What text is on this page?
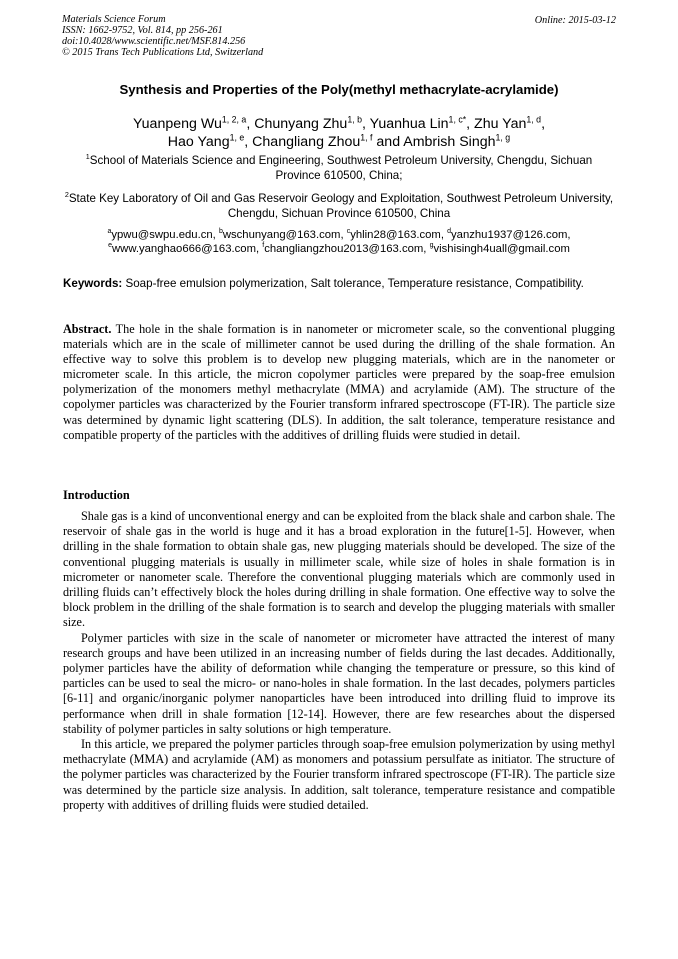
Materials Science Forum
ISSN: 1662-9752, Vol. 814, pp 256-261
doi:10.4028/www.scientific.net/MSF.814.256
© 2015 Trans Tech Publications Ltd, Switzerland
Online: 2015-03-12
Synthesis and Properties of the Poly(methyl methacrylate-acrylamide)
Yuanpeng Wu$^{1, 2, a}$, Chunyang Zhu$^{1, b}$, Yuanhua Lin$^{1, c*}$, Zhu Yan$^{1, d}$,
Hao Yang$^{1, e}$, Changliang Zhou$^{1, f}$ and Ambrish Singh$^{1, g}$
$^1$School of Materials Science and Engineering, Southwest Petroleum University, Chengdu, Sichuan Province 610500, China;
$^2$State Key Laboratory of Oil and Gas Reservoir Geology and Exploitation, Southwest Petroleum University, Chengdu, Sichuan Province 610500, China
$^a$ypwu@swpu.edu.cn, $^b$wschunyang@163.com, $^c$yhlin28@163.com, $^d$yanzhu1937@126.com,
$^e$www.yanghao666@163.com, $^f$changliangzhou2013@163.com, $^g$vishisingh4uall@gmail.com
Keywords: Soap-free emulsion polymerization, Salt tolerance, Temperature resistance, Compatibility.
Abstract. The hole in the shale formation is in nanometer or micrometer scale, so the conventional plugging materials which are in the scale of millimeter cannot be used during the drilling of the shale formation. An effective way to solve this problem is to develop new plugging materials, which are in the nanometer or micrometer scale. In this article, the micron copolymer particles were prepared by the soap-free emulsion polymerization of the monomers methyl methacrylate (MMA) and acrylamide (AM). The structure of the copolymer particles was characterized by the Fourier transform infrared spectroscope (FT-IR). The particle size was determined by dynamic light scattering (DLS). In addition, the salt tolerance, temperature resistance and compatible property of the particles with the additives of drilling fluids were studied in detail.
Introduction

Shale gas is a kind of unconventional energy and can be exploited from the black shale and carbon shale. The reservoir of shale gas in the world is huge and it has a broad exploration in the future[1-5]. However, when drilling in the shale formation to obtain shale gas, new plugging materials should be developed. The size of the conventional plugging materials is usually in millimeter scale, while size of holes in shale formation is in micrometer or nanometer scale. Therefore the conventional plugging materials which are commonly used in drilling fluids can’t effectively block the holes during drilling in shale formation. One effective way to solve the block problem in the drilling of the shale formation is to search and develop the plugging materials with smaller size.

Polymer particles with size in the scale of nanometer or micrometer have attracted the interest of many research groups and have been utilized in an increasing number of fields during the last decades. Additionally, polymer particles have the ability of deformation while changing the temperature or pressure, so this kind of particles can be used to seal the micro- or nano-holes in shale formation. In the last decades, polymers particles [6-11] and organic/inorganic polymer nanoparticles have been introduced into drilling fluid to improve its performance when drill in shale formation [12-14]. However, there are few researches about the dispersed stability of polymer particles in salty solutions or high temperature.

In this article, we prepared the polymer particles through soap-free emulsion polymerization by using methyl methacrylate (MMA) and acrylamide (AM) as monomers and potassium persulfate as initiator. The structure of the polymer particles was characterized by the Fourier transform infrared spectroscope (FT-IR). The particle size was determined by the particle size analysis. In addition, salt tolerance, temperature resistance and compatible property with additives of drilling fluids were studied detailed.
